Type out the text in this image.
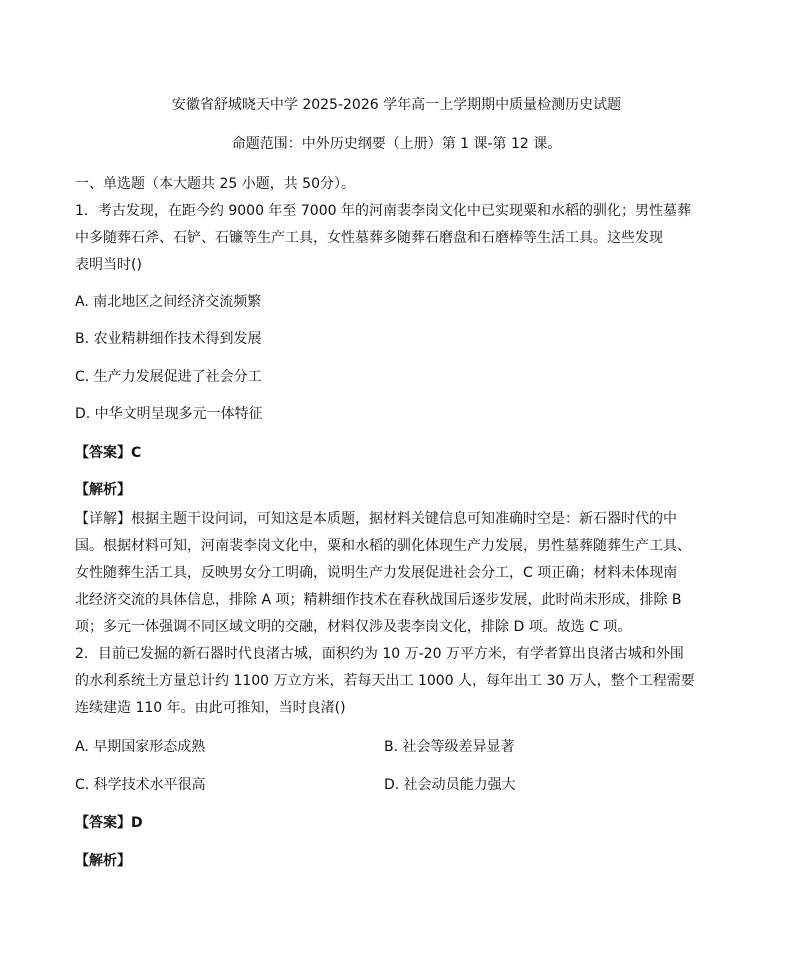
安徽省舒城晓天中学 2025-2026 学年高一上学期期中质量检测历史试题
命题范围：中外历史纲要（上册）第 1 课-第 12 课。
一、单选题（本大题共 25 小题，共 50分）。
1．考古发现，在距今约 9000 年至 7000 年的河南裴李岗文化中已实现粟和水稻的驯化；男性墓葬
中多随葬石斧、石铲、石镰等生产工具，女性墓葬多随葬石磨盘和石磨棒等生活工具。这些发现
表明当时()
A. 南北地区之间经济交流频繁
B. 农业精耕细作技术得到发展
C. 生产力发展促进了社会分工
D. 中华文明呈现多元一体特征
【答案】C
【解析】
【详解】根据主题干设问词，可知这是本质题，据材料关键信息可知准确时空是：新石器时代的中
国。根据材料可知，河南裴李岗文化中，粟和水稻的驯化体现生产力发展，男性墓葬随葬生产工具、
女性随葬生活工具，反映男女分工明确，说明生产力发展促进社会分工，C 项正确；材料未体现南
北经济交流的具体信息，排除 A 项；精耕细作技术在春秋战国后逐步发展，此时尚未形成，排除 B
项；多元一体强调不同区域文明的交融，材料仅涉及裴李岗文化，排除 D 项。故选 C 项。
2．目前已发掘的新石器时代良渚古城，面积约为 10 万-20 万平方米，有学者算出良渚古城和外围
的水利系统土方量总计约 1100 万立方米，若每天出工 1000 人，每年出工 30 万人，整个工程需要
连续建造 110 年。由此可推知，当时良渚()
A. 早期国家形态成熟	B. 社会等级差异显著
C. 科学技术水平很高	D. 社会动员能力强大
【答案】D
【解析】
